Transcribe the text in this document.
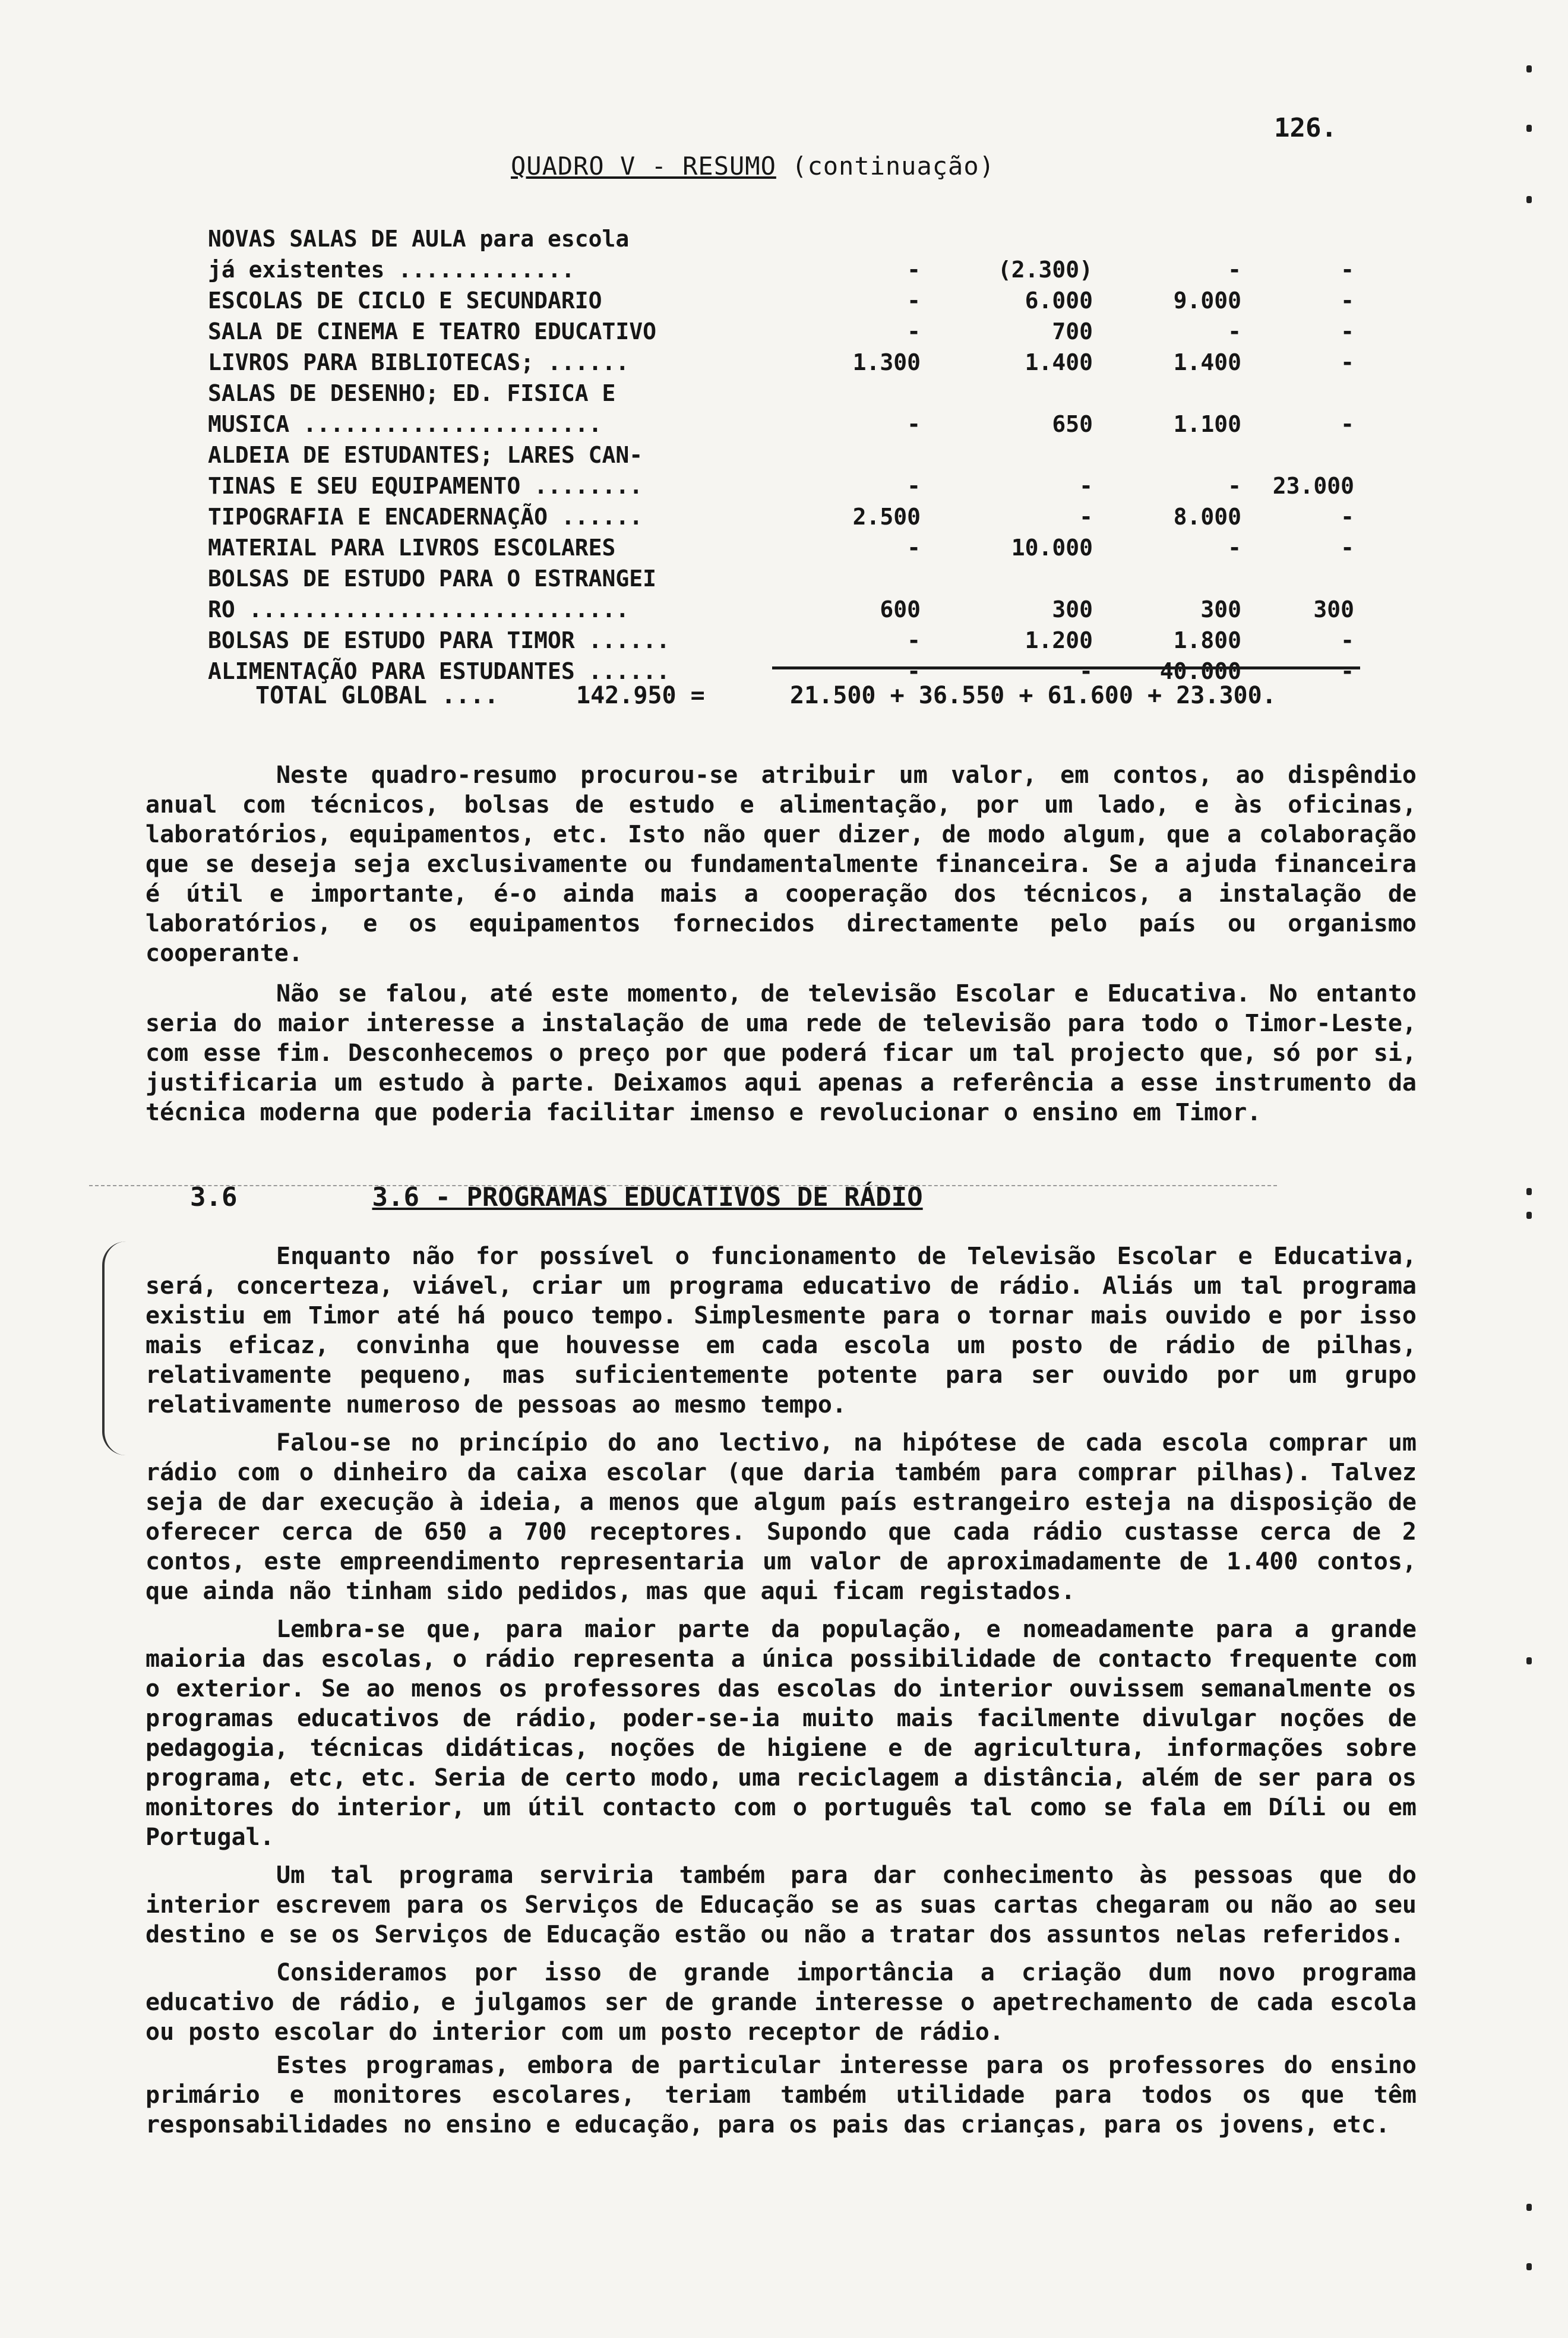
126.
QUADRO V - RESUMO (continuação)
NOVAS SALAS DE AULA para escola
já existentes .............	-	(2.300)	-	-
ESCOLAS DE CICLO E SECUNDARIO	-	6.000	9.000	-
SALA DE CINEMA E TEATRO EDUCATIVO	-	700	-	-
LIVROS PARA BIBLIOTECAS; ......	1.300	1.400	1.400	-
SALAS DE DESENHO; ED. FISICA E
MUSICA ......................	-	650	1.100	-
ALDEIA DE ESTUDANTES; LARES CAN-
TINAS E SEU EQUIPAMENTO ........	-	-	-	23.000
TIPOGRAFIA E ENCADERNAÇÃO ......	2.500	-	8.000	-
MATERIAL PARA LIVROS ESCOLARES	-	10.000	-	-
BOLSAS DE ESTUDO PARA O ESTRANGEI
RO ............................	600	300	300	300
BOLSAS DE ESTUDO PARA TIMOR ......	-	1.200	1.800	-
ALIMENTAÇÃO PARA ESTUDANTES ......	-	-	40.000	-
TOTAL GLOBAL ....	142.950 =	21.500 + 36.550 + 61.600 + 23.300.

Neste quadro-resumo procurou-se atribuir um valor, em contos, ao dispêndio anual com técnicos, bolsas de estudo e alimentação, por um lado, e às oficinas, laboratórios, equipamentos, etc. Isto não quer dizer, de modo algum, que a colaboração que se deseja seja exclusivamente ou fundamentalmente financeira. Se a ajuda financeira é útil e importante, é-o ainda mais a cooperação dos técnicos, a instalação de laboratórios, e os equipamentos fornecidos directamente pelo país ou organismo cooperante.

Não se falou, até este momento, de televisão Escolar e Educativa. No entanto seria do maior interesse a instalação de uma rede de televisão para todo o Timor-Leste, com esse fim. Desconhecemos o preço por que poderá ficar um tal projecto que, só por si, justificaria um estudo à parte. Deixamos aqui apenas a referência a esse instrumento da técnica moderna que poderia facilitar imenso e revolucionar o ensino em Timor.

3.6	3.6 - PROGRAMAS EDUCATIVOS DE RÁDIO

Enquanto não for possível o funcionamento de Televisão Escolar e Educativa, será, concerteza, viável, criar um programa educativo de rádio. Aliás um tal programa existiu em Timor até há pouco tempo. Simplesmente para o tornar mais ouvido e por isso mais eficaz, convinha que houvesse em cada escola um posto de rádio de pilhas, relativamente pequeno, mas suficientemente potente para ser ouvido por um grupo relativamente numeroso de pessoas ao mesmo tempo.

Falou-se no princípio do ano lectivo, na hipótese de cada escola comprar um rádio com o dinheiro da caixa escolar (que daria também para comprar pilhas). Talvez seja de dar execução à ideia, a menos que algum país estrangeiro esteja na disposição de oferecer cerca de 650 a 700 receptores. Supondo que cada rádio custasse cerca de 2 contos, este empreendimento representaria um valor de aproximadamente de 1.400 contos, que ainda não tinham sido pedidos, mas que aqui ficam registados.

Lembra-se que, para maior parte da população, e nomeadamente para a grande maioria das escolas, o rádio representa a única possibilidade de contacto frequente com o exterior. Se ao menos os professores das escolas do interior ouvissem semanalmente os programas educativos de rádio, poder-se-ia muito mais facilmente divulgar noções de pedagogia, técnicas didáticas, noções de higiene e de agricultura, informações sobre programa, etc, etc. Seria de certo modo, uma reciclagem a distância, além de ser para os monitores do interior, um útil contacto com o português tal como se fala em Díli ou em Portugal.

Um tal programa serviria também para dar conhecimento às pessoas que do interior escrevem para os Serviços de Educação se as suas cartas chegaram ou não ao seu destino e se os Serviços de Educação estão ou não a tratar dos assuntos nelas referidos.

Consideramos por isso de grande importância a criação dum novo programa educativo de rádio, e julgamos ser de grande interesse o apetrechamento de cada escola ou posto escolar do interior com um posto receptor de rádio.

Estes programas, embora de particular interesse para os professores do ensino primário e monitores escolares, teriam também utilidade para todos os que têm responsabilidades no ensino e educação, para os pais das crianças, para os jovens, etc.
